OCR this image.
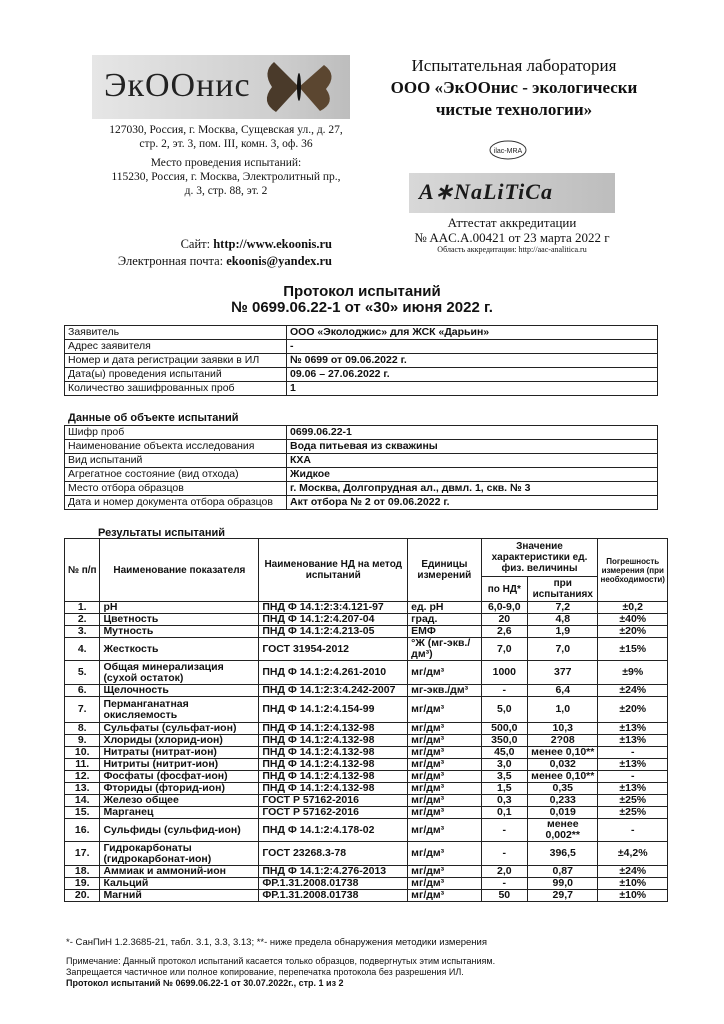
ЭкООнис
127030, Россия, г. Москва, Сущевская ул., д. 27,
стр. 2, эт. 3, пом. III, комн. 3, оф. 36
Место проведения испытаний:
115230, Россия, г. Москва, Электролитный пр.,
д. 3, стр. 88, эт. 2
Сайт: http://www.ekoonis.ru
Электронная почта: ekoonis@yandex.ru
Испытательная лаборатория
ООО «ЭкООнис - экологически
чистые технологии»
ilac-MRA
A∗NaLiTiCa
Аттестат аккредитации
№ AAC.A.00421 от 23 марта 2022 г
Область аккредитации: http://aac-analitica.ru
Протокол испытаний
№ 0699.06.22-1 от «30» июня 2022 г.
Заявитель	ООО «Эколоджис» для ЖСК «Дарьин»
Адрес заявителя	-
Номер и дата регистрации заявки в ИЛ	№ 0699 от 09.06.2022 г.
Дата(ы) проведения испытаний	09.06 – 27.06.2022 г.
Количество зашифрованных проб	1
Данные об объекте испытаний
Шифр проб	0699.06.22-1
Наименование объекта исследования	Вода питьевая из скважины
Вид испытаний	КХА
Агрегатное состояние (вид отхода)	Жидкое
Место отбора образцов	г. Москва, Долгопрудная ал., двмл. 1, скв. № 3
Дата и номер документа отбора образцов	Акт отбора № 2 от 09.06.2022 г.
Результаты испытаний
№ п/п	Наименование показателя	Наименование НД на метод испытаний	Единицы измерений	Значение характеристики ед. физ. величины		Погрешность измерения (при необходимости)
				по НД*	при испытаниях	
1.	pH	ПНД Ф 14.1:2:3:4.121-97	ед. pH	6,0-9,0	7,2	±0,2
2.	Цветность	ПНД Ф 14.1:2:4.207-04	град.	20	4,8	±40%
3.	Мутность	ПНД Ф 14.1:2:4.213-05	ЕМФ	2,6	1,9	±20%
4.	Жесткость	ГОСТ 31954-2012	°Ж (мг-экв./дм³)	7,0	7,0	±15%
5.	Общая минерализация (сухой остаток)	ПНД Ф 14.1:2:4.261-2010	мг/дм³	1000	377	±9%
6.	Щелочность	ПНД Ф 14.1:2:3:4.242-2007	мг-экв./дм³	-	6,4	±24%
7.	Перманганатная окисляемость	ПНД Ф 14.1:2:4.154-99	мг/дм³	5,0	1,0	±20%
8.	Сульфаты (сульфат-ион)	ПНД Ф 14.1:2:4.132-98	мг/дм³	500,0	10,3	±13%
9.	Хлориды (хлорид-ион)	ПНД Ф 14.1:2:4.132-98	мг/дм³	350,0	2?08	±13%
10.	Нитраты (нитрат-ион)	ПНД Ф 14.1:2:4.132-98	мг/дм³	45,0	менее 0,10**	-
11.	Нитриты (нитрит-ион)	ПНД Ф 14.1:2:4.132-98	мг/дм³	3,0	0,032	±13%
12.	Фосфаты (фосфат-ион)	ПНД Ф 14.1:2:4.132-98	мг/дм³	3,5	менее 0,10**	-
13.	Фториды (фторид-ион)	ПНД Ф 14.1:2:4.132-98	мг/дм³	1,5	0,35	±13%
14.	Железо общее	ГОСТ Р 57162-2016	мг/дм³	0,3	0,233	±25%
15.	Марганец	ГОСТ Р 57162-2016	мг/дм³	0,1	0,019	±25%
16.	Сульфиды (сульфид-ион)	ПНД Ф 14.1:2:4.178-02	мг/дм³	-	менее 0,002**	-
17.	Гидрокарбонаты (гидрокарбонат-ион)	ГОСТ 23268.3-78	мг/дм³	-	396,5	±4,2%
18.	Аммиак и аммоний-ион	ПНД Ф 14.1:2:4.276-2013	мг/дм³	2,0	0,87	±24%
19.	Кальций	ФР.1.31.2008.01738	мг/дм³	-	99,0	±10%
20.	Магний	ФР.1.31.2008.01738	мг/дм³	50	29,7	±10%
*- СанПиН 1.2.3685-21, табл. 3.1, 3.3, 3.13; **- ниже предела обнаружения методики измерения
Примечание: Данный протокол испытаний касается только образцов, подвергнутых этим испытаниям.
Запрещается частичное или полное копирование, перепечатка протокола без разрешения ИЛ.
Протокол испытаний № 0699.06.22-1 от 30.07.2022г., стр. 1 из 2
